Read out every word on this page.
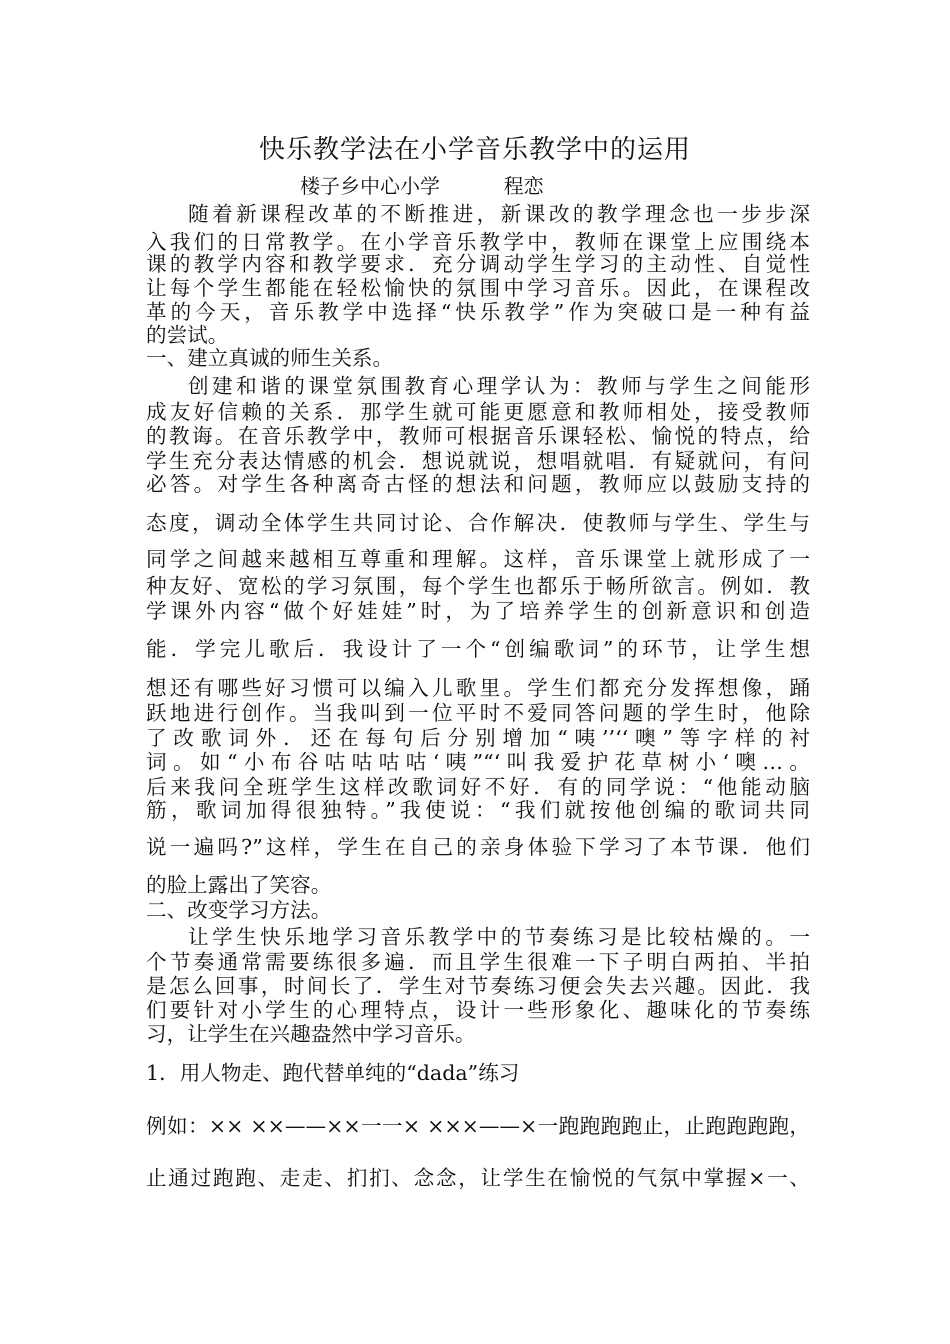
快乐教学法在小学音乐教学中的运用
楼子乡中心小学          程恋
随着新课程改革的不断推进，新课改的教学理念也一步步深
入我们的日常教学。在小学音乐教学中，教师在课堂上应围绕本
课的教学内容和教学要求．充分调动学生学习的主动性、自觉性
让每个学生都能在轻松愉快的氛围中学习音乐。因此，在课程改
革的今天，音乐教学中选择“快乐教学”作为突破口是一种有益
的尝试。
一、建立真诚的师生关系。
创建和谐的课堂氛围教育心理学认为：教师与学生之间能形
成友好信赖的关系．那学生就可能更愿意和教师相处，接受教师
的教诲。在音乐教学中，教师可根据音乐课轻松、愉悦的特点，给
学生充分表达情感的机会．想说就说，想唱就唱．有疑就问，有问
必答。对学生各种离奇古怪的想法和问题，教师应以鼓励支持的
态度，调动全体学生共同讨论、合作解决．使教师与学生、学生与
同学之间越来越相互尊重和理解。这样，音乐课堂上就形成了一
种友好、宽松的学习氛围，每个学生也都乐于畅所欲言。例如．教
学课外内容“做个好娃娃”时，为了培养学生的创新意识和创造
能．学完儿歌后．我设计了一个“创编歌词”的环节，让学生想
想还有哪些好习惯可以编入儿歌里。学生们都充分发挥想像，踊
跃地进行创作。当我叫到一位平时不爱同答问题的学生时，他除
了改歌词外．还在每句后分别增加“咦’’‘‘噢”等字样的衬
词。如“小布谷咕咕咕咕‘咦”“‘叫我爱护花草树小‘噢…。
后来我问全班学生这样改歌词好不好．有的同学说：“他能动脑
筋，歌词加得很独特。”我使说：“我们就按他创编的歌词共同
说一遍吗?”这样，学生在自己的亲身体验下学习了本节课．他们
的脸上露出了笑容。
二、改变学习方法。
让学生快乐地学习音乐教学中的节奏练习是比较枯燥的。一
个节奏通常需要练很多遍．而且学生很难一下子明白两拍、半拍
是怎么回事，时间长了．学生对节奏练习便会失去兴趣。因此．我
们要针对小学生的心理特点，设计一些形象化、趣味化的节奏练
习，让学生在兴趣盎然中学习音乐。
1．用人物走、跑代替单纯的“dada”练习
例如：×× ××——××一一× ×××——×一跑跑跑跑止，止跑跑跑跑，
止通过跑跑、走走、扪扪、念念，让学生在愉悦的气氛中掌握×一、
